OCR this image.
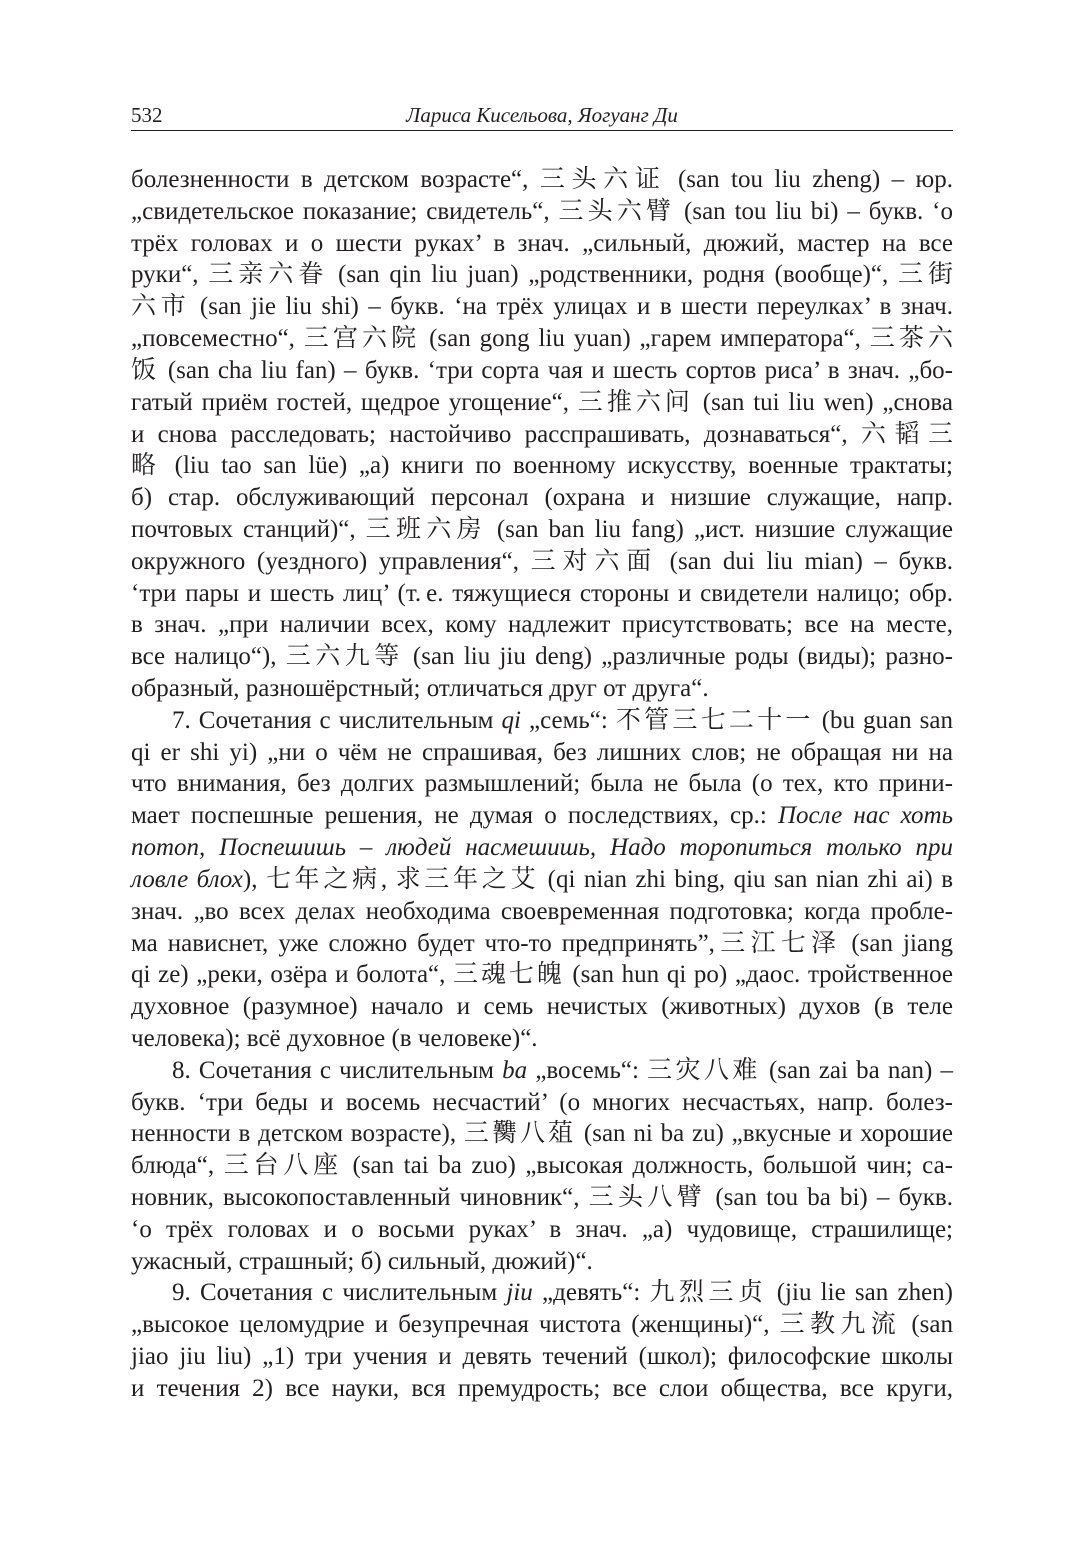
532	Лариса Кисельова, Яогуанг Ди
болезненности в детском возрасте“, 三头六证 (san tou liu zheng) – юр.
„свидетельское показание; свидетель“, 三头六臂 (san tou liu bi) – букв. ‘о
трёх головах и о шести руках’ в знач. „сильный, дюжий, мастер на все
руки“, 三亲六眷 (san qin liu juan) „родственники, родня (вообще)“, 三街
六市 (san jie liu shi) – букв. ‘на трёх улицах и в шести переулках’ в знач.
„повсеместно“, 三宫六院 (san gong liu yuan) „гарем императора“, 三茶六
饭 (san cha liu fan) – букв. ‘три сорта чая и шесть сортов риса’ в знач. „бо-
гатый приём гостей, щедрое угощение“, 三推六问 (san tui liu wen) „снова
и снова расследовать; настойчиво расспрашивать, дознаваться“, 六韬三
略 (liu tao san lüe) „а) книги по военному искусству, военные трактаты;
б) стар. обслуживающий персонал (охрана и низшие служащие, напр.
почтовых станций)“, 三班六房 (san ban liu fang) „ист. низшие служащие
окружного (уездного) управления“, 三对六面 (san dui liu mian) – букв.
‘три пары и шесть лиц’ (т. е. тяжущиеся стороны и свидетели налицо; обр.
в знач. „при наличии всех, кому надлежит присутствовать; все на месте,
все налицо“), 三六九等 (san liu jiu deng) „различные роды (виды); разно-
образный, разношёрстный; отличаться друг от друга“.
7. Сочетания с числительным qi „семь“: 不管三七二十一 (bu guan san
qi er shi yi) „ни о чём не спрашивая, без лишних слов; не обращая ни на
что внимания, без долгих размышлений; была не была (о тех, кто прини-
мает поспешные решения, не думая о последствиях, ср.: После нас хоть
потоп, Поспешишь – людей насмешишь, Надо торопиться только при
ловле блох), 七年之病, 求三年之艾 (qi nian zhi bing, qiu san nian zhi ai) в
знач. „во всех делах необходима своевременная подготовка; когда пробле-
ма нависнет, уже сложно будет что-то предпринять”,三江七泽 (san jiang
qi ze) „реки, озёра и болота“, 三魂七魄 (san hun qi po) „даос. тройственное
духовное (разумное) начало и семь нечистых (животных) духов (в теле
человека); всё духовное (в человеке)“.
8. Сочетания с числительным ba „восемь“: 三灾八难 (san zai ba nan) –
букв. ‘три беды и восемь несчастий’ (о многих несчастьях, напр. болез-
ненности в детском возрасте), 三臡八葅 (san ni ba zu) „вкусные и хорошие
блюда“, 三台八座 (san tai ba zuo) „высокая должность, большой чин; са-
новник, высокопоставленный чиновник“, 三头八臂 (san tou ba bi) – букв.
‘о трёх головах и о восьми руках’ в знач. „а) чудовище, страшилище;
ужасный, страшный; б) сильный, дюжий)“.
9. Сочетания с числительным jiu „девять“: 九烈三贞 (jiu lie san zhen)
„высокое целомудрие и безупречная чистота (женщины)“, 三教九流 (san
jiao jiu liu) „1) три учения и девять течений (школ); философские школы
и течения 2) все науки, вся премудрость; все слои общества, все круги,
